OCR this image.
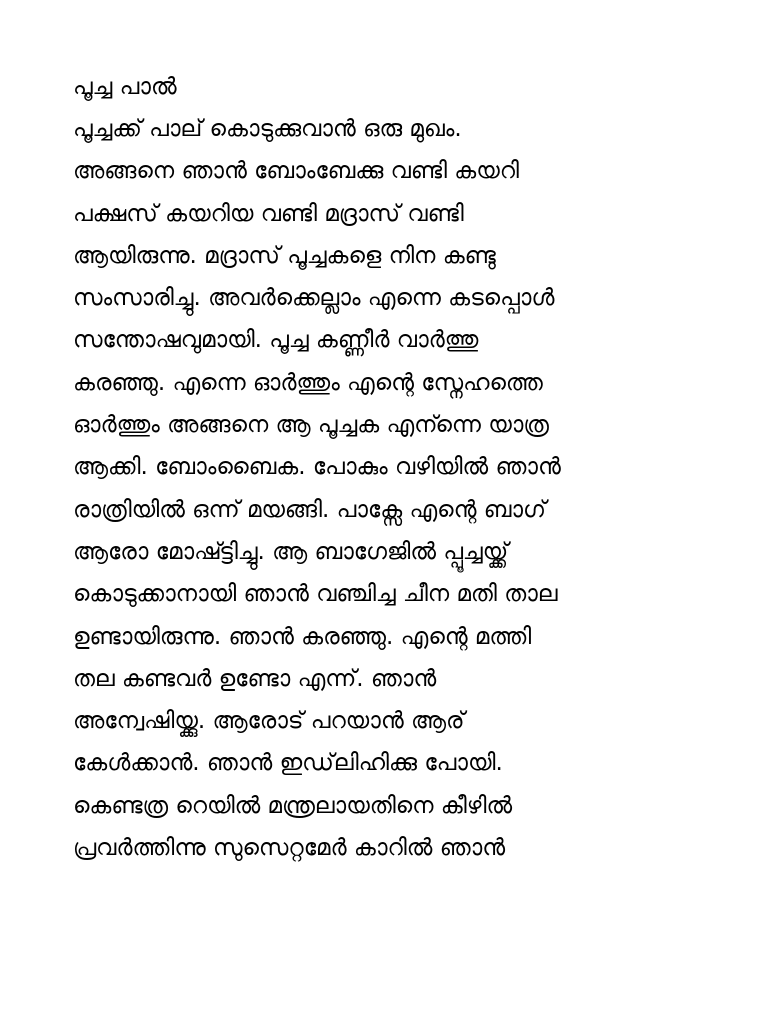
പൂച്ച പാൽ

പൂച്ചക്ക് പാല് കൊടുക്കുവാൻ ഒരു മുഖം.

അങ്ങനെ ഞാൻ ബോംബേക്കു വണ്ടി കയറി

പക്ഷസ് കയറിയ വണ്ടി മദ്രാസ് വണ്ടി

ആയിരുന്നു. മദ്രാസ് പൂച്ചകളെ നിന കണ്ടു

സംസാരിച്ചു. അവർക്കെല്ലാം എന്നെ കടപ്പൊൾ

സന്തോഷവുമായി. പൂച്ച കണ്ണീർ വാർത്തു

കരഞ്ഞു. എന്നെ ഓർത്തും എന്റെ സ്നേഹത്തെ

ഓർത്തും അങ്ങനെ ആ പൂച്ചക എന്ന്നെ യാത്ര

ആക്കി. ബോംബൈക. പോകും വഴിയിൽ ഞാൻ

രാത്രിയിൽ ഒന്ന് മയങ്ങി. പാക്സേ എന്റെ ബാഗ്

ആരോ മോഷ്ട്ടിച്ചു. ആ ബാഗേജിൽ പ്പൂച്ചയ്ക്ക്

കൊടുക്കാനായി ഞാൻ വഞ്ചിച്ച ചീന മതി താല

ഉണ്ടായിരുന്നു. ഞാൻ കരഞ്ഞു. എന്റെ മത്തി

തല കണ്ടവർ ഉണ്ടോ എന്ന്. ഞാൻ

അന്വേഷിയ്ക്കു. ആരോട് പറയാൻ ആര്

കേൾക്കാൻ. ഞാൻ ഇഡ്‌ലിഹിക്കു പോയി.

കെണ്ടത്ര റെയിൽ മന്ത്രലായതിനെ കീഴിൽ

പ്രവർത്തിന്നു സുസെറ്റമേർ കാറിൽ ഞാൻ
